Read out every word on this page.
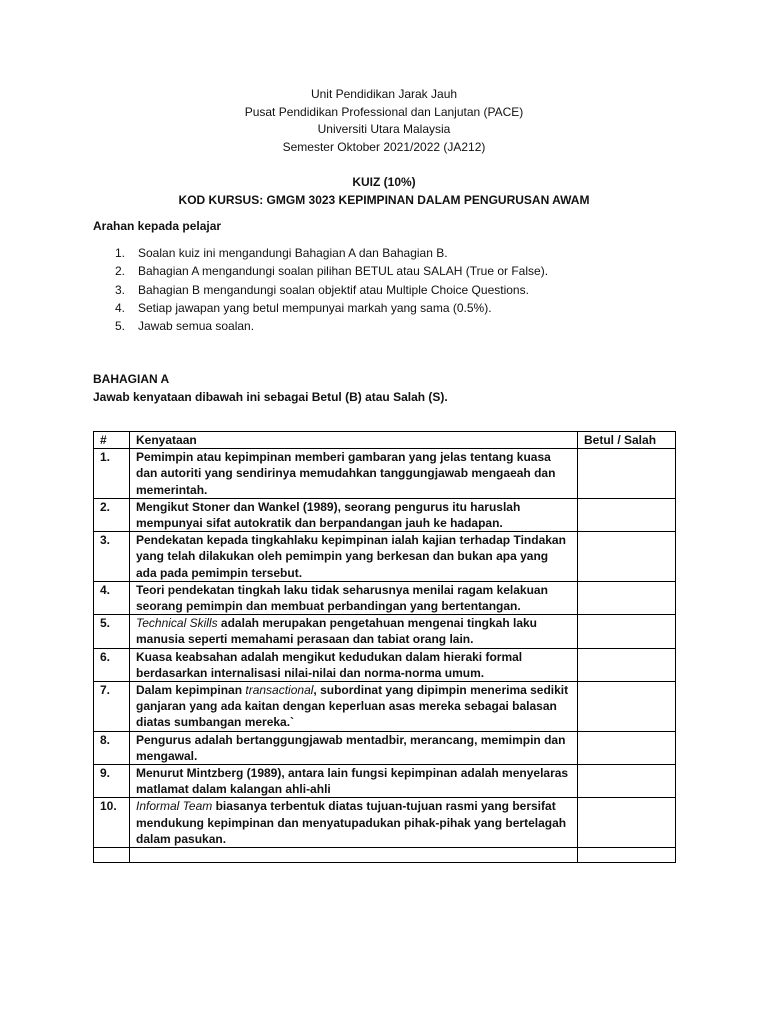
Unit Pendidikan Jarak Jauh
Pusat Pendidikan Professional dan Lanjutan (PACE)
Universiti Utara Malaysia
Semester Oktober 2021/2022 (JA212)
KUIZ (10%)
KOD KURSUS: GMGM 3023 KEPIMPINAN DALAM PENGURUSAN AWAM
Arahan kepada pelajar
1.	Soalan kuiz ini mengandungi Bahagian A dan Bahagian B.
2.	Bahagian A mengandungi soalan pilihan BETUL atau SALAH (True or False).
3.	Bahagian B mengandungi soalan objektif atau Multiple Choice Questions.
4.	Setiap jawapan yang betul mempunyai markah yang sama (0.5%).
5.	Jawab semua soalan.
BAHAGIAN A
Jawab kenyataan dibawah ini sebagai Betul (B) atau Salah (S).
#	Kenyataan	Betul / Salah
1.	Pemimpin atau kepimpinan memberi gambaran yang jelas tentang kuasa dan autoriti yang sendirinya memudahkan tanggungjawab mengaeah dan memerintah.	
2.	Mengikut Stoner dan Wankel (1989), seorang pengurus itu haruslah mempunyai sifat autokratik dan berpandangan jauh ke hadapan.	
3.	Pendekatan kepada tingkahlaku kepimpinan ialah kajian terhadap Tindakan yang telah dilakukan oleh pemimpin yang berkesan dan bukan apa yang ada pada pemimpin tersebut.	
4.	Teori pendekatan tingkah laku tidak seharusnya menilai ragam kelakuan seorang pemimpin dan membuat perbandingan yang bertentangan.	
5.	Technical Skills adalah merupakan pengetahuan mengenai tingkah laku manusia seperti memahami perasaan dan tabiat orang lain.	
6.	Kuasa keabsahan adalah mengikut kedudukan dalam hieraki formal berdasarkan internalisasi nilai-nilai dan norma-norma umum.	
7.	Dalam kepimpinan transactional, subordinat yang dipimpin menerima sedikit ganjaran yang ada kaitan dengan keperluan asas mereka sebagai balasan diatas sumbangan mereka.`	
8.	Pengurus adalah bertanggungjawab mentadbir, merancang, memimpin dan mengawal.	
9.	Menurut Mintzberg (1989), antara lain fungsi kepimpinan adalah menyelaras matlamat dalam kalangan ahli-ahli	
10.	Informal Team biasanya terbentuk diatas tujuan-tujuan rasmi yang bersifat mendukung kepimpinan dan menyatupadukan pihak-pihak yang bertelagah dalam pasukan.	
